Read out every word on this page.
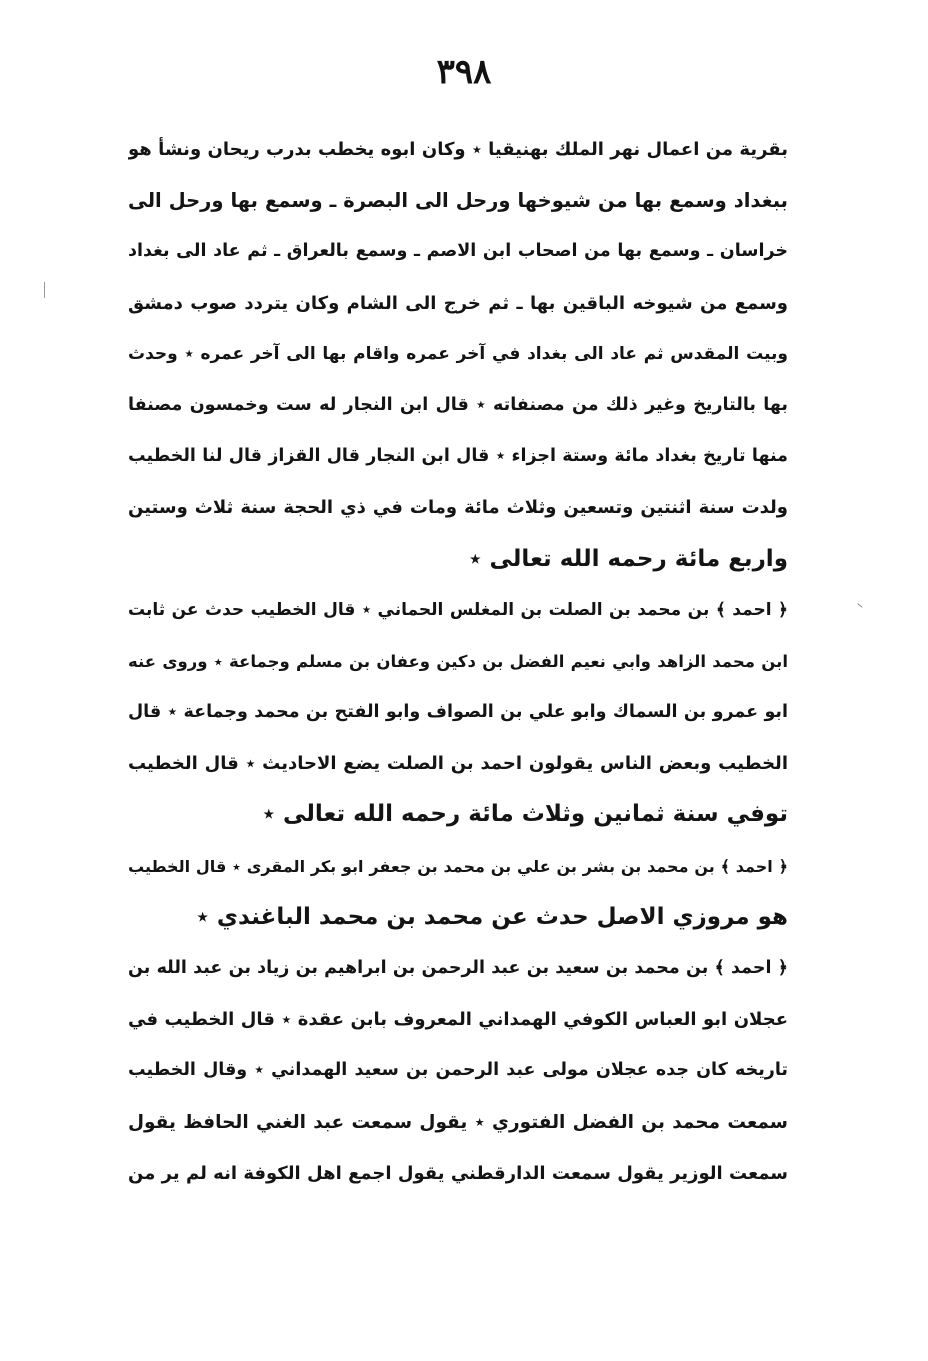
٣٩٨
بقرية من اعمال نهر الملك بهنيقيا ٭ وكان ابوه يخطب بدرب ريحان ونشأ هو
ببغداد وسمع بها من شيوخها ورحل الى البصرة ـ وسمع بها ورحل الى
خراسان ـ وسمع بها من اصحاب ابن الاصم ـ وسمع بالعراق ـ ثم عاد الى بغداد
وسمع من شيوخه الباقين بها ـ ثم خرج الى الشام وكان يتردد صوب دمشق
وبيت المقدس ثم عاد الى بغداد في آخر عمره واقام بها الى آخر عمره ٭ وحدث
بها بالتاريخ وغير ذلك من مصنفاته ٭ قال ابن النجار له ست وخمسون مصنفا
منها تاريخ بغداد مائة وستة اجزاء ٭ قال ابن النجار قال القزاز قال لنا الخطيب
ولدت سنة اثنتين وتسعين وثلاث مائة ومات في ذي الحجة سنة ثلاث وستين
واربع مائة رحمه الله تعالى ٭
﴿ احمد ﴾ بن محمد بن الصلت بن المغلس الحماني ٭ قال الخطيب حدث عن ثابت
ابن محمد الزاهد وابي نعيم الفضل بن دكين وعفان بن مسلم وجماعة ٭ وروى عنه
ابو عمرو بن السماك وابو علي بن الصواف وابو الفتح بن محمد وجماعة ٭ قال
الخطيب وبعض الناس يقولون احمد بن الصلت يضع الاحاديث ٭ قال الخطيب
توفي سنة ثمانين وثلاث مائة رحمه الله تعالى ٭
﴿ احمد ﴾ بن محمد بن بشر بن علي بن محمد بن جعفر ابو بكر المقرى ٭ قال الخطيب
هو مروزي الاصل حدث عن محمد بن محمد الباغندي ٭
﴿ احمد ﴾ بن محمد بن سعيد بن عبد الرحمن بن ابراهيم بن زياد بن عبد الله بن
عجلان ابو العباس الكوفي الهمداني المعروف بابن عقدة ٭ قال الخطيب في
تاريخه كان جده عجلان مولى عبد الرحمن بن سعيد الهمداني ٭ وقال الخطيب
سمعت محمد بن الفضل الفتوري ٭ يقول سمعت عبد الغني الحافظ يقول
سمعت الوزير يقول سمعت الدارقطني يقول اجمع اهل الكوفة انه لم ير من
